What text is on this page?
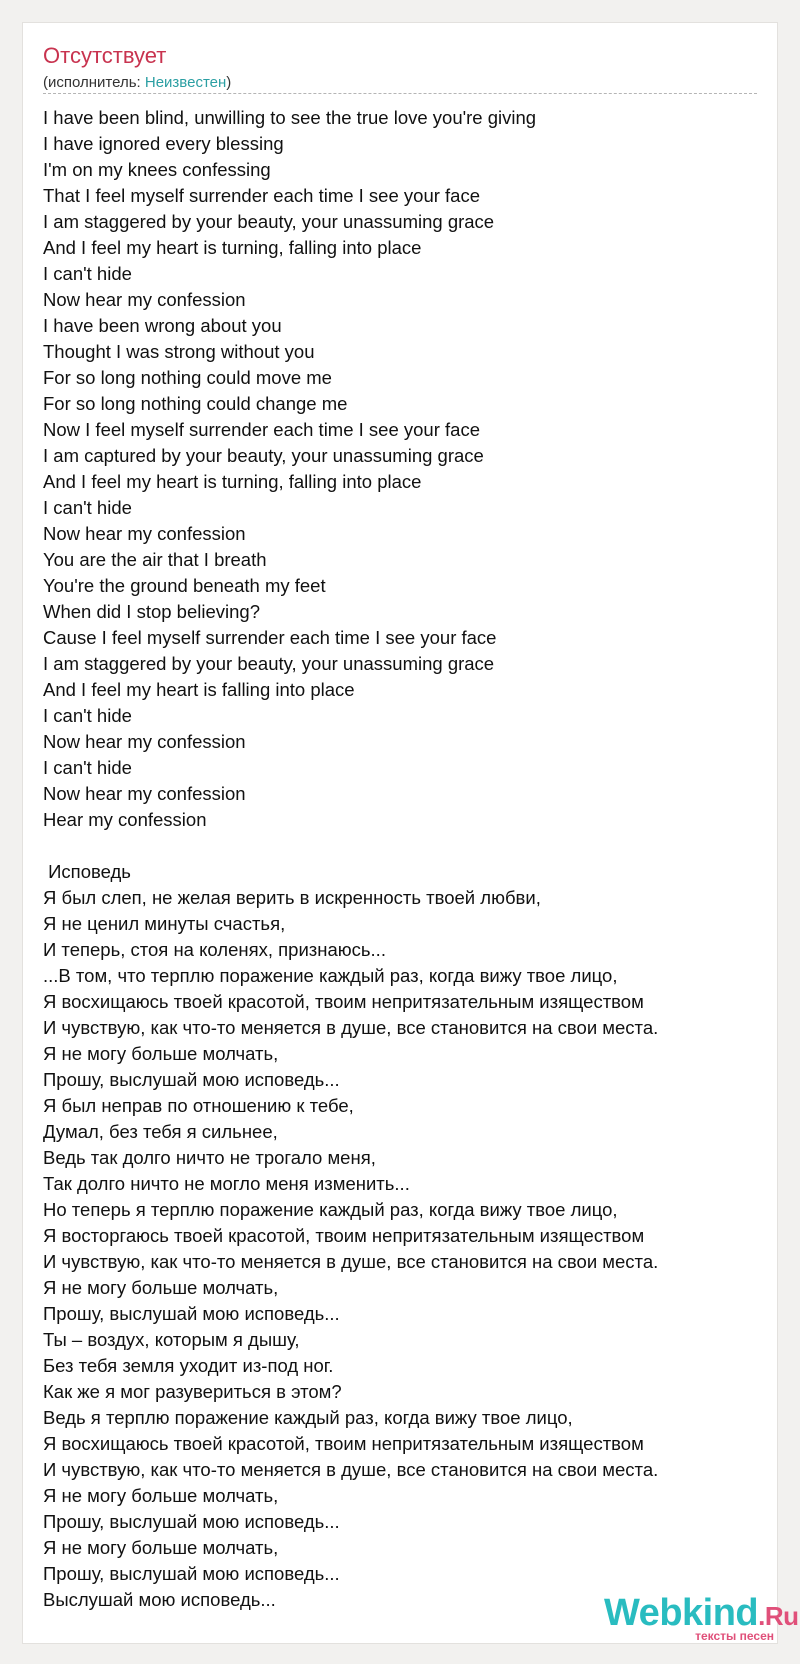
Отсутствует
(исполнитель: Неизвестен)
I have been blind, unwilling to see the true love you're giving
I have ignored every blessing
I'm on my knees confessing
That I feel myself surrender each time I see your face
I am staggered by your beauty, your unassuming grace
And I feel my heart is turning, falling into place
I can't hide
Now hear my confession
I have been wrong about you
Thought I was strong without you
For so long nothing could move me
For so long nothing could change me
Now I feel myself surrender each time I see your face
I am captured by your beauty, your unassuming grace
And I feel my heart is turning, falling into place
I can't hide
Now hear my confession
You are the air that I breath
You're the ground beneath my feet
When did I stop believing?
Cause I feel myself surrender each time I see your face
I am staggered by your beauty, your unassuming grace
And I feel my heart is falling into place
I can't hide
Now hear my confession
I can't hide
Now hear my confession
Hear my confession
Исповедь
Я был слеп, не желая верить в искренность твоей любви,
Я не ценил минуты счастья,
И теперь, стоя на коленях, признаюсь...
...В том, что терплю поражение каждый раз, когда вижу твое лицо,
Я восхищаюсь твоей красотой, твоим непритязательным изяществом
И чувствую, как что-то меняется в душе, все становится на свои места.
Я не могу больше молчать,
Прошу, выслушай мою исповедь...
Я был неправ по отношению к тебе,
Думал, без тебя я сильнее,
Ведь так долго ничто не трогало меня,
Так долго ничто не могло меня изменить...
Но теперь я терплю поражение каждый раз, когда вижу твое лицо,
Я восторгаюсь твоей красотой, твоим непритязательным изяществом
И чувствую, как что-то меняется в душе, все становится на свои места.
Я не могу больше молчать,
Прошу, выслушай мою исповедь...
Ты – воздух, которым я дышу,
Без тебя земля уходит из-под ног.
Как же я мог разувериться в этом?
Ведь я терплю поражение каждый раз, когда вижу твое лицо,
Я восхищаюсь твоей красотой, твоим непритязательным изяществом
И чувствую, как что-то меняется в душе, все становится на свои места.
Я не могу больше молчать,
Прошу, выслушай мою исповедь...
Я не могу больше молчать,
Прошу, выслушай мою исповедь...
Выслушай мою исповедь...	Webkind.Ru
тексты песен
